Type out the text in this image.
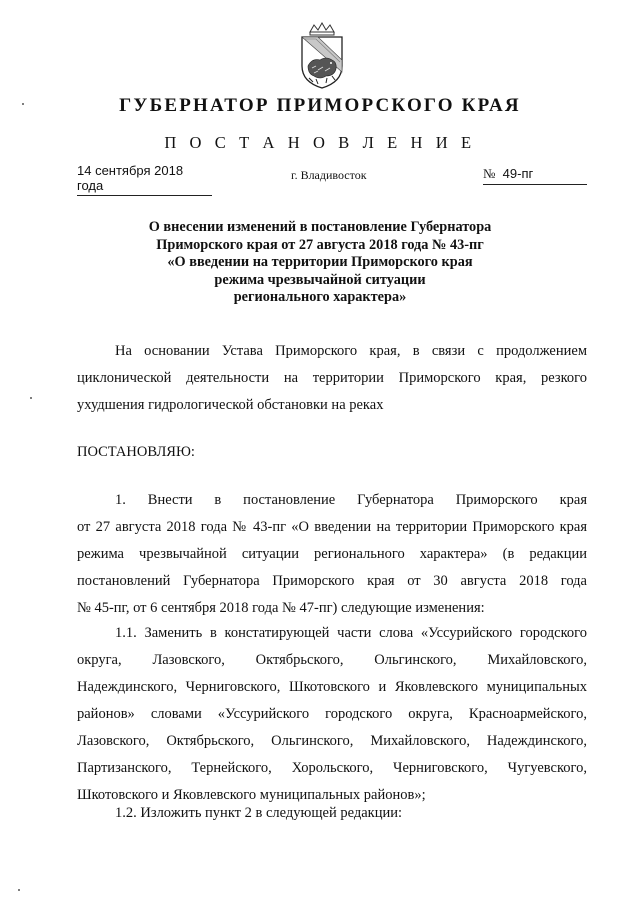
ГУБЕРНАТОР ПРИМОРСКОГО КРАЯ
П О С Т А Н О В Л Е Н И Е
14 сентября 2018 года
г. Владивосток	№ 49-пг
О внесении изменений в постановление Губернатора
Приморского края от 27 августа 2018 года № 43-пг
«О введении на территории Приморского края
режима чрезвычайной ситуации
регионального характера»
На основании Устава Приморского края, в связи с продолжением
циклонической деятельности на территории Приморского края, резкого
ухудшения гидрологической обстановки на реках
ПОСТАНОВЛЯЮ:
1. Внести в постановление Губернатора Приморского края
от 27 августа 2018 года № 43-пг «О введении на территории Приморского края
режима чрезвычайной ситуации регионального характера» (в редакции
постановлений Губернатора Приморского края от 30 августа 2018 года
№ 45-пг, от 6 сентября 2018 года № 47-пг) следующие изменения:
1.1. Заменить в констатирующей части слова «Уссурийского городского
округа, Лазовского, Октябрьского, Ольгинского, Михайловского,
Надеждинского, Черниговского, Шкотовского и Яковлевского муниципальных
районов» словами «Уссурийского городского округа, Красноармейского,
Лазовского, Октябрьского, Ольгинского, Михайловского, Надеждинского,
Партизанского, Тернейского, Хорольского, Черниговского, Чугуевского,
Шкотовского и Яковлевского муниципальных районов»;
1.2. Изложить пункт 2 в следующей редакции:
